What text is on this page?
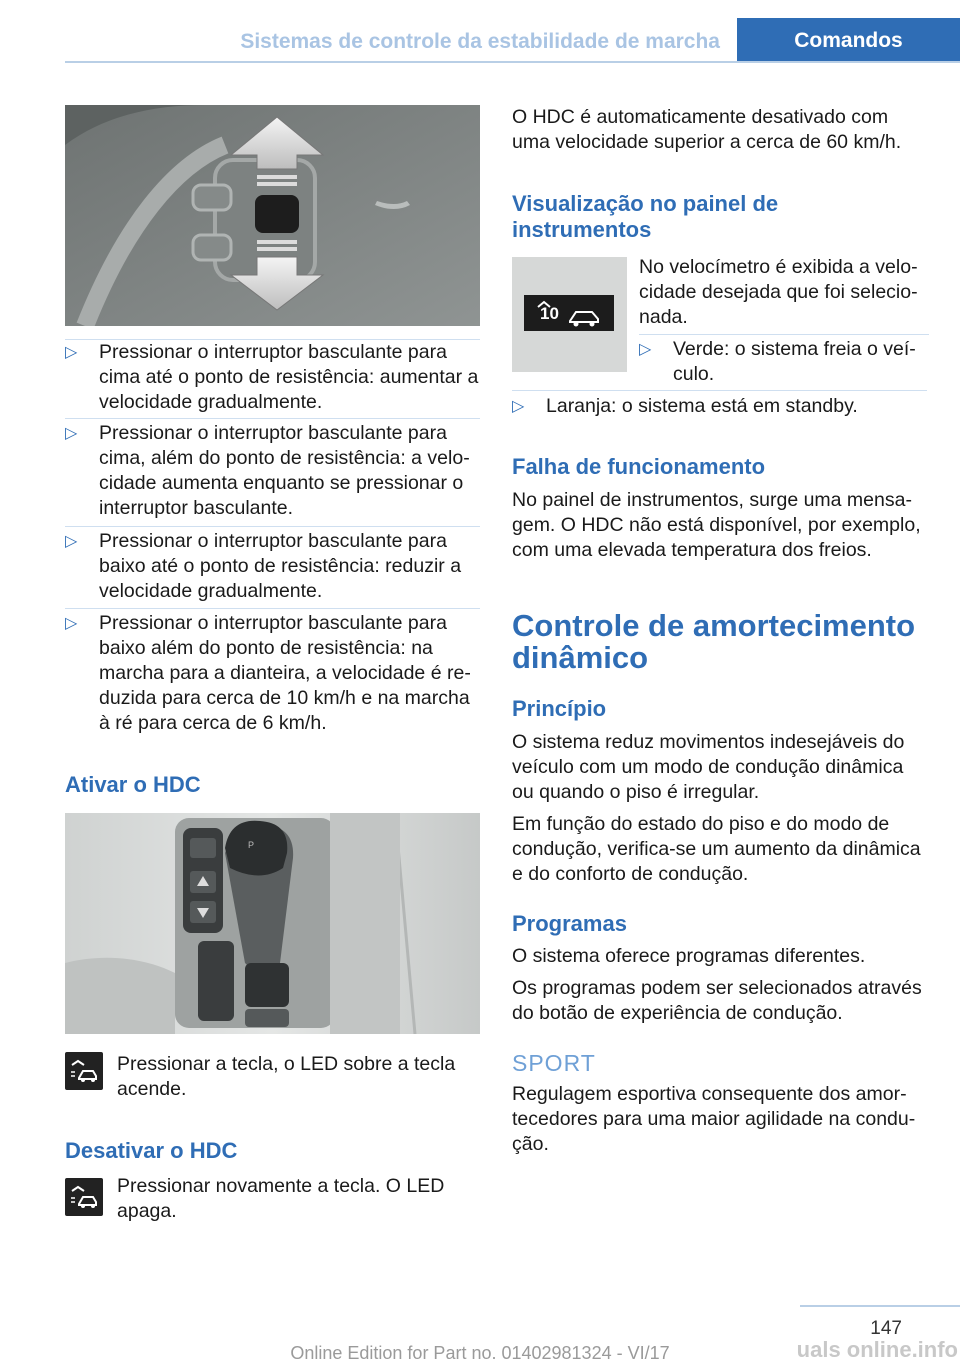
Sistemas de controle da estabilidade de marcha	Comandos
▷	Pressionar o interruptor basculante para cima até o ponto de resistência: aumentar a velocidade gradualmente.
▷	Pressionar o interruptor basculante para cima, além do ponto de resistência: a velocidade aumenta enquanto se pressionar o interruptor basculante.
▷	Pressionar o interruptor basculante para baixo até o ponto de resistência: reduzir a velocidade gradualmente.
▷	Pressionar o interruptor basculante para baixo além do ponto de resistência: na marcha para a dianteira, a velocidade é reduzida para cerca de 10 km/h e na marcha à ré para cerca de 6 km/h.
Ativar o HDC
P
Pressionar a tecla, o LED sobre a tecla acende.
Desativar o HDC
Pressionar novamente a tecla. O LED apaga.
O HDC é automaticamente desativado com uma velocidade superior a cerca de 60 km/h.
Visualização no painel de instrumentos
10
No velocímetro é exibida a velocidade desejada que foi selecionada.
▷	Verde: o sistema freia o veículo.
▷	Laranja: o sistema está em standby.
Falha de funcionamento
No painel de instrumentos, surge uma mensagem. O HDC não está disponível, por exemplo, com uma elevada temperatura dos freios.
Controle de amortecimento dinâmico
Princípio
O sistema reduz movimentos indesejáveis do veículo com um modo de condução dinâmica ou quando o piso é irregular.
Em função do estado do piso e do modo de condução, verifica-se um aumento da dinâmica e do conforto de condução.
Programas
O sistema oferece programas diferentes.
Os programas podem ser selecionados através do botão de experiência de condução.
SPORT
Regulagem esportiva consequente dos amortecedores para uma maior agilidade na condução.
147
Online Edition for Part no. 01402981324 - VI/17	uals online.info
